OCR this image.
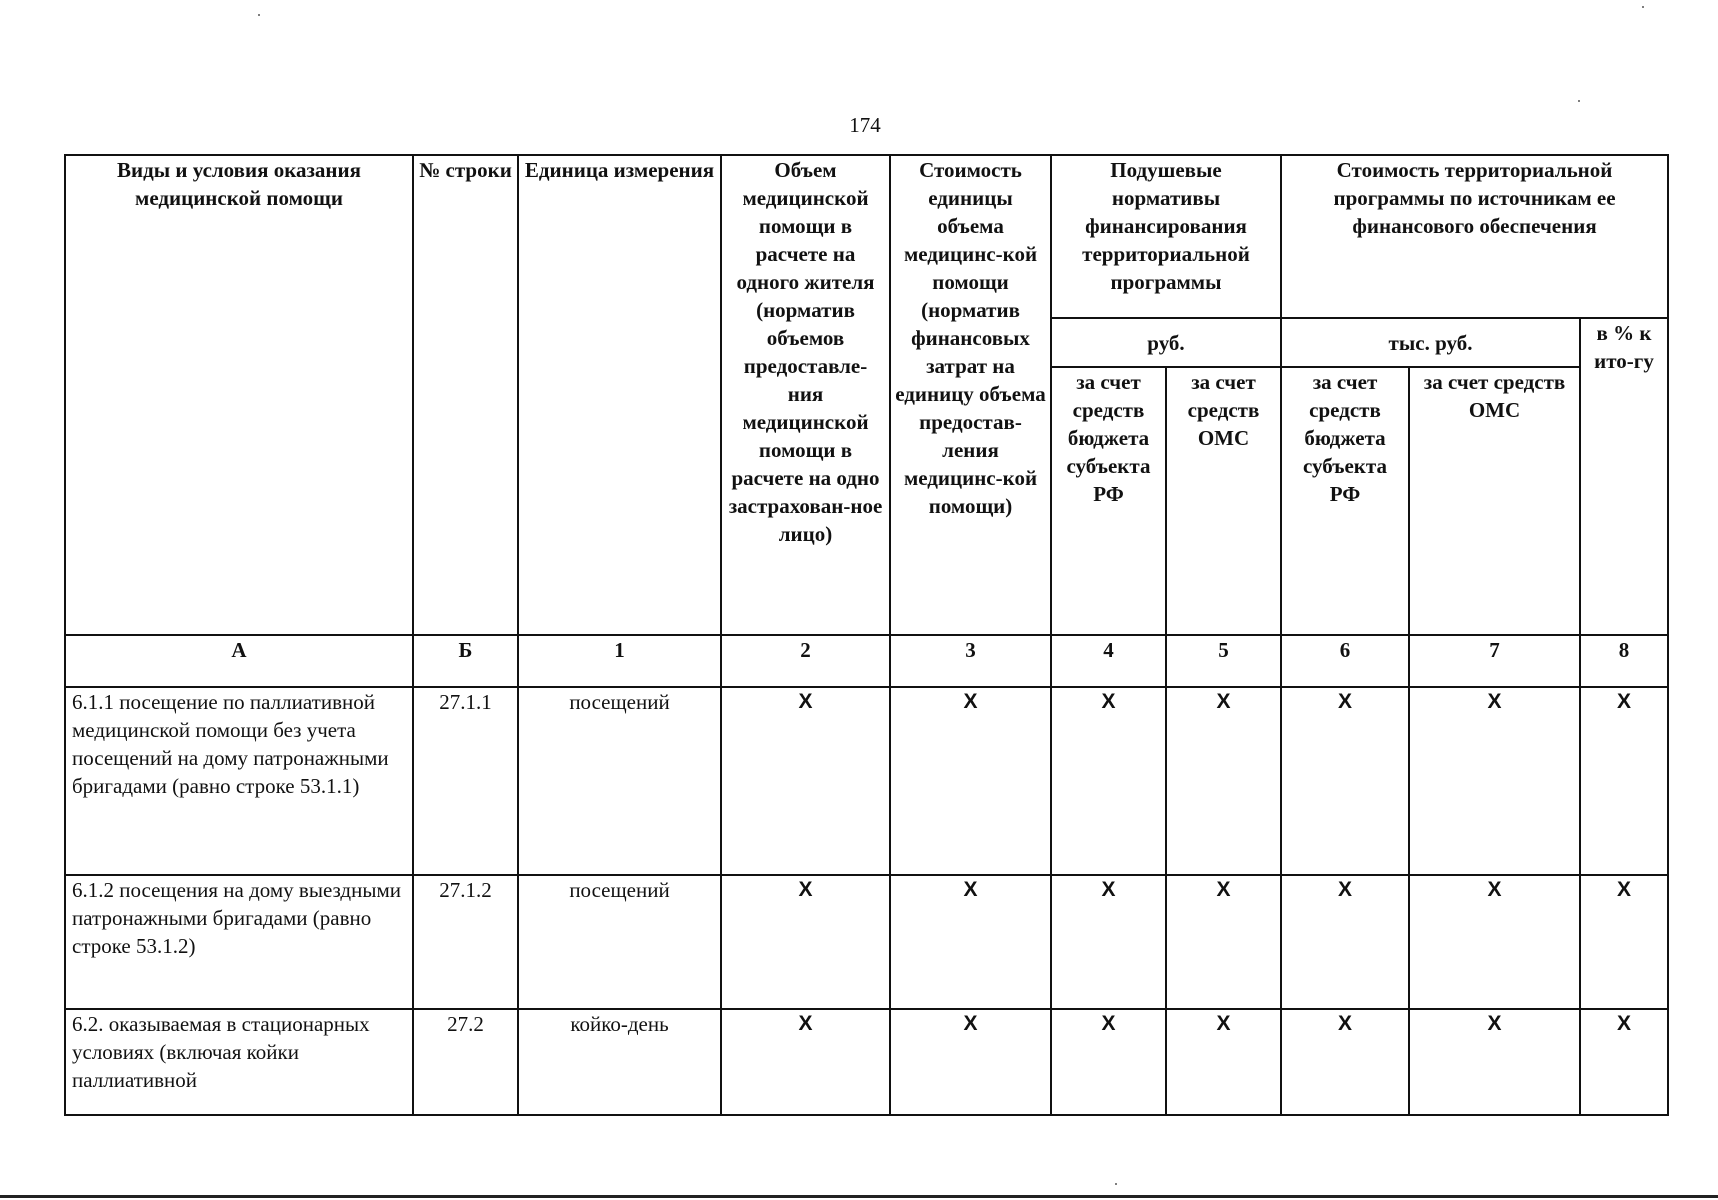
174
Виды и условия оказания медицинской помощи	№ строки	Единица измерения	Объем медицинской помощи в расчете на одного жителя (норматив объемов предоставле-ния медицинской помощи в расчете на одно застрахован-ное лицо)	Стоимость единицы объема медицинс-кой помощи (норматив финансовых затрат на единицу объема предостав-ления медицинс-кой помощи)	Подушевые нормативы финансирования территориальной программы		Стоимость территориальной программы по источникам ее финансового обеспечения		
					руб.		тыс. руб.		в % к ито-гу
					за счет средств бюджета субъекта РФ	за счет средств ОМС	за счет средств бюджета субъекта РФ	за счет средств ОМС	
А	Б	1	2	3	4	5	6	7	8
6.1.1 посещение по паллиативной медицинской помощи без учета посещений на дому патронажными бригадами (равно строке 53.1.1)	27.1.1	посещений	Х	Х	Х	Х	Х	Х	Х
6.1.2 посещения на дому выездными патронажными бригадами (равно строке 53.1.2)	27.1.2	посещений	Х	Х	Х	Х	Х	Х	Х
6.2. оказываемая в стационарных условиях (включая койки паллиативной	27.2	койко-день	Х	Х	Х	Х	Х	Х	Х
